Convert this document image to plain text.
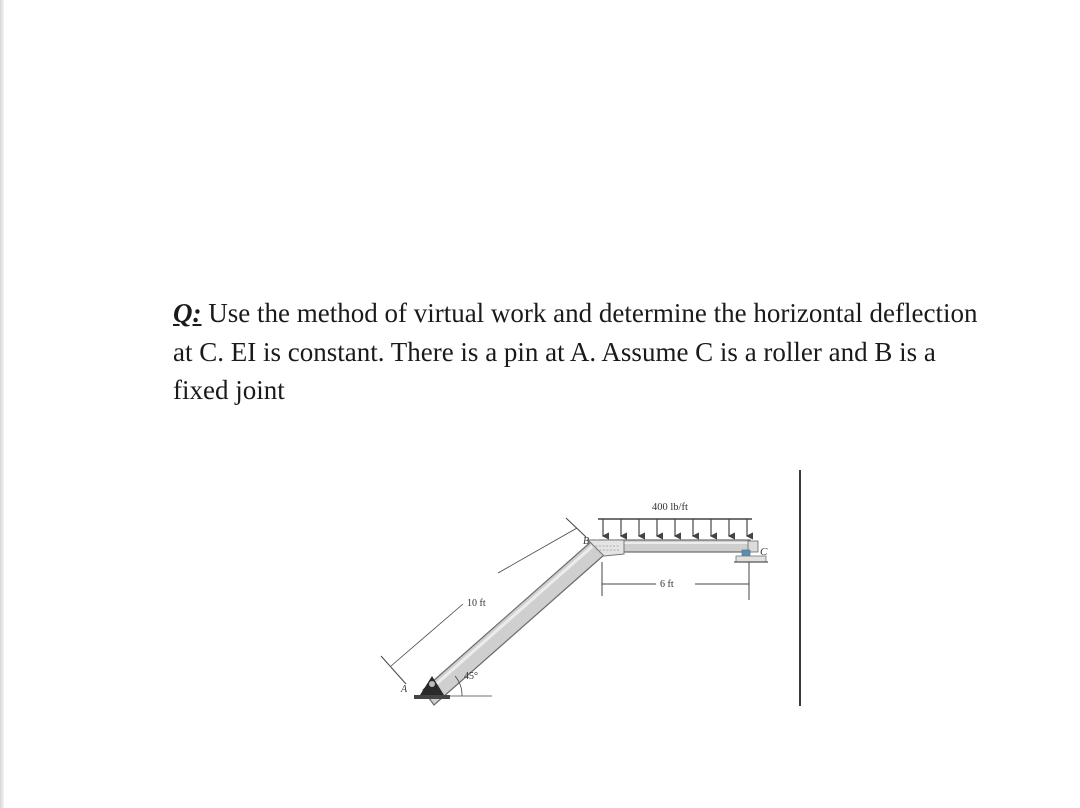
Q: Use the method of virtual work and determine the horizontal deflection at C. EI is constant. There is a pin at A. Assume C is a roller and B is a fixed joint

400 lb/ft
C
6 ft
10 ft
45°
A
B
